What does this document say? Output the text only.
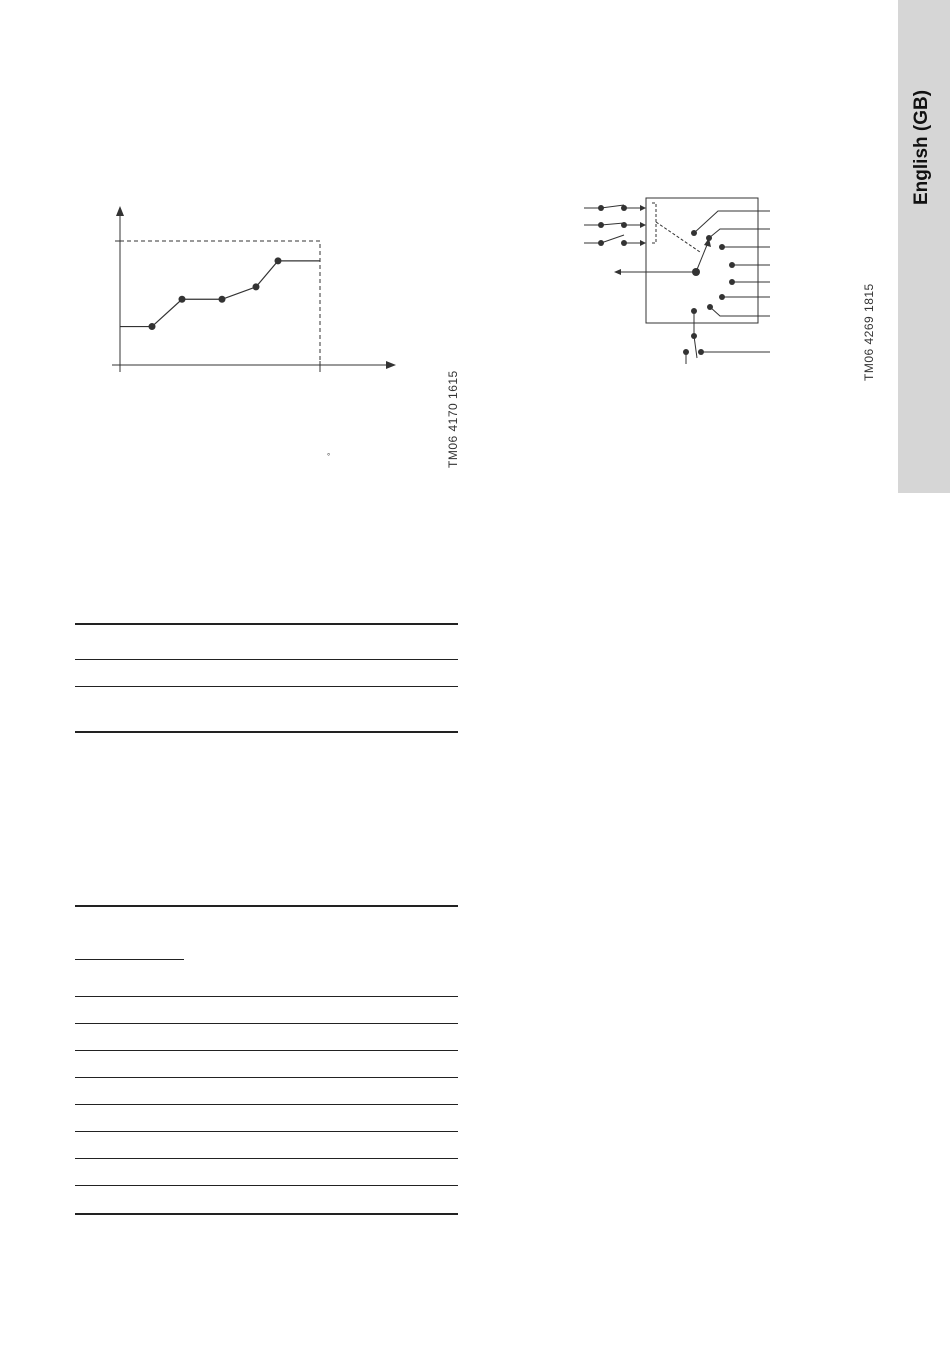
English (GB)
°	TM06 4170 1615
TM06 4269 1815
